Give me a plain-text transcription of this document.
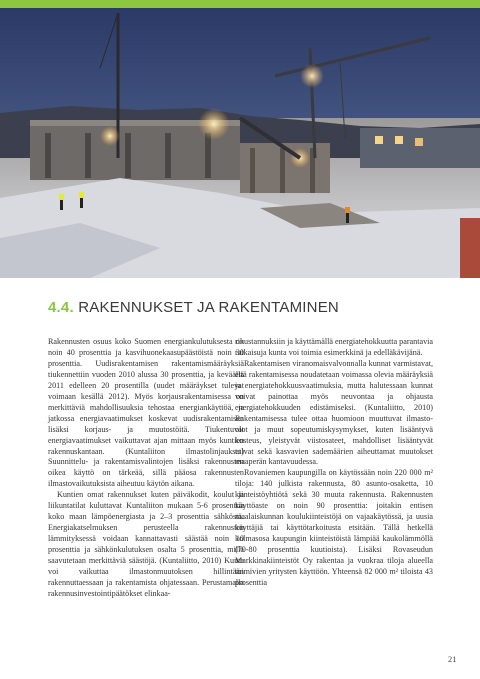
4.4. RAKENNUKSET JA RAKENTAMINEN

Rakennusten osuus koko Suomen energiankulutuksesta on noin 40 prosenttia ja kasvihuonekaasupäästöistä noin 30 prosenttia. Uudisrakentamisen rakentamismääräyksiä tiukennettiin vuoden 2010 alussa 30 prosenttia, ja keväällä 2011 edelleen 20 prosentilla (uudet määräykset tulevat voimaan kesällä 2012). Myös korjausrakentamisessa on merkittäviä mahdollisuuksia tehostaa energiankäyttöä, ja jatkossa energiavaatimukset koskevat uudisrakentamisen lisäksi korjaus- ja muutostöitä. Tiukentuvat energiavaatimukset vaikuttavat ajan mittaan myös kuntien rakennuskantaan. (Kuntaliiton ilmastolinjaukset) Suunnittelu- ja rakentamisvalintojen lisäksi rakennusten oikea käyttö on tärkeää, sillä pääosa rakennusten ilmastovaikutuksista aiheutuu käytön aikana.

Kuntien omat rakennukset kuten päiväkodit, koulut ja liikuntatilat kuluttavat Kuntaliiton mukaan 5-6 prosenttia koko maan lämpöenergiasta ja 2–3 prosenttia sähköstä. Energiakatselmuksen perusteella rakennusten lämmityksessä voidaan kannattavasti säästää noin 10 prosenttia ja sähkönkulutuksen osalta 5 prosenttia, millä saavutetaan merkittäviä säästöjä. (Kuntaliitto, 2010) Kunta voi vaikuttaa ilmastonmuutoksen hillintään rakennuttaessaan ja rakentamista ohjatessaan. Perustamalla rakennusinvestointipäätökset elinkaa-

rikustannuksiin ja käyttämällä energiatehokkuutta parantavia ratkaisuja kunta voi toimia esimerkkinä ja edelläkävijänä.

Rakentamisen viranomaisvalvonnalla kunnat varmistavat, että rakentamisessa noudatetaan voimassa olevia määräyksiä ja energiatehokkuusvaatimuksia, mutta halutessaan kunnat voivat painottaa myös neuvontaa ja ohjausta energiatehokkuuden edistämiseksi. (Kuntaliitto, 2010) Rakentamisessa tulee ottaa huomioon muuttuvat ilmasto-olot ja muut sopeutumiskysymykset, kuten lisääntyvä kosteus, yleistyvät viistosateet, mahdolliset lisääntyvät tulvat sekä kasvavien sademäärien aiheuttamat muutokset maaperän kantavuudessa.

Rovaniemen kaupungilla on käytössään noin 220 000 m² tiloja: 140 julkista rakennusta, 80 asunto-osaketta, 10 kiinteistöyhtiötä sekä 30 muuta rakennusta. Rakennusten käyttöaste on noin 90 prosenttia: joitakin entisen maalaiskunnan koulukiinteistöjä on vajaakäytössä, ja uusia käyttäjiä tai käyttötarkoitusta etsitään. Tällä hetkellä kolmasosa kaupungin kiinteistöistä lämpiää kaukolämmöllä (70-80 prosenttia kuutioista). Lisäksi Rovaseudun Markkinakiinteistöt Oy rakentaa ja vuokraa tiloja alueella toimivien yritysten käyttöön. Yhteensä 82 000 m² tiloista 43 prosenttia

21
